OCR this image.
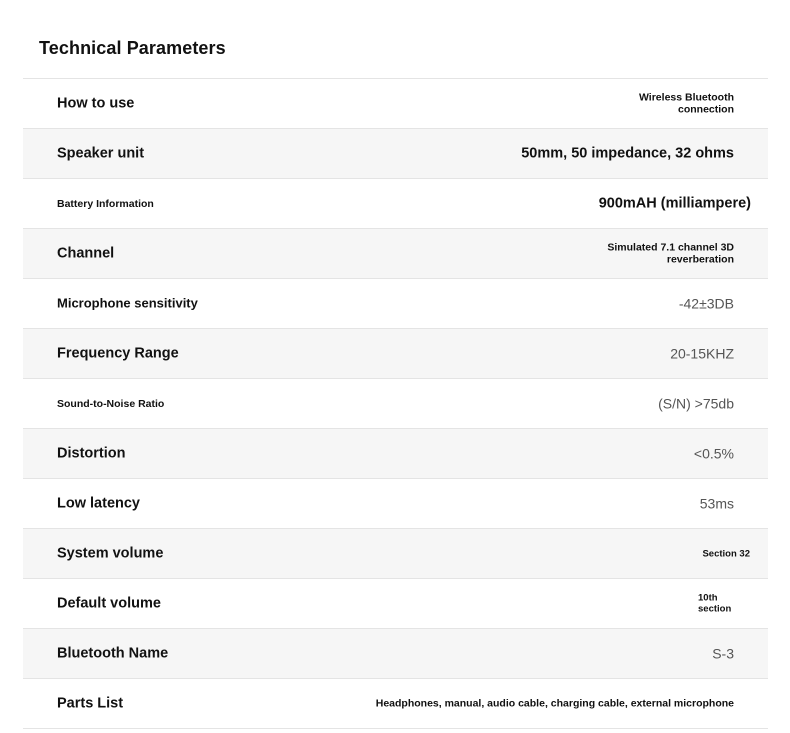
Technical Parameters
How to use	Wireless Bluetooth connection
Speaker unit	50mm, 50 impedance, 32 ohms
Battery Information	900mAH (milliampere)
Channel	Simulated 7.1 channel 3D reverberation
Microphone sensitivity	-42±3DB
Frequency Range	20-15KHZ
Sound-to-Noise Ratio	(S/N) >75db
Distortion	<0.5%
Low latency	53ms
System volume	Section 32
Default volume	10th section
Bluetooth Name	S-3
Parts List	Headphones, manual, audio cable, charging cable, external microphone
